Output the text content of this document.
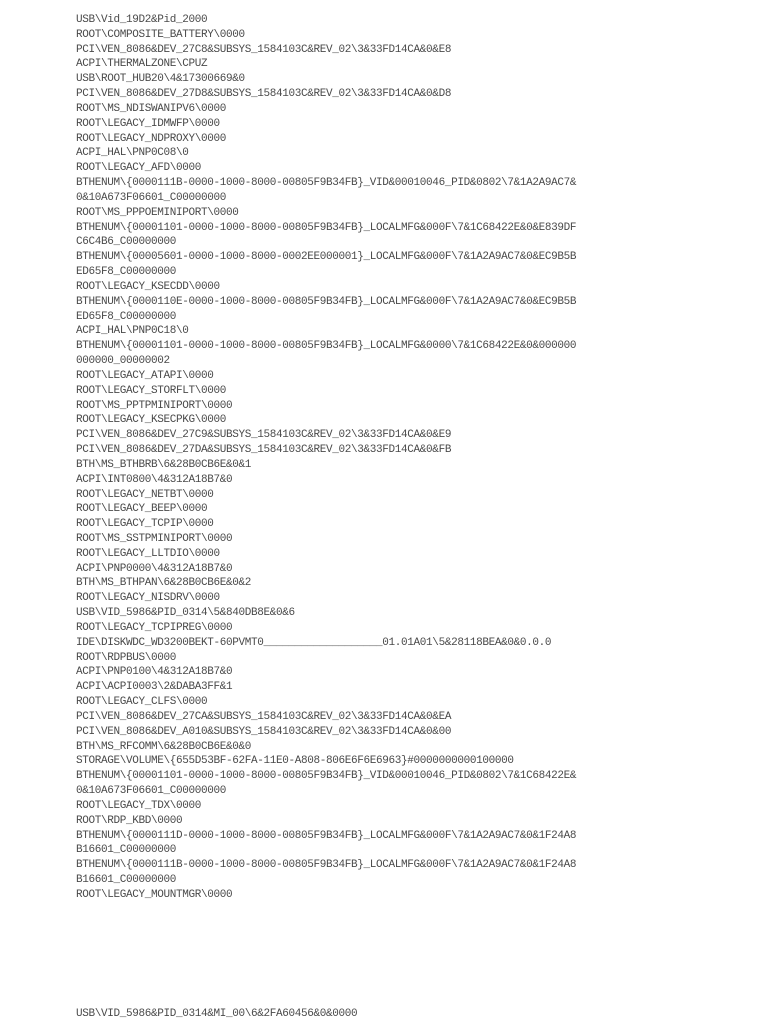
USB\Vid_19D2&Pid_2000
ROOT\COMPOSITE_BATTERY\0000
PCI\VEN_8086&DEV_27C8&SUBSYS_1584103C&REV_02\3&33FD14CA&0&E8
ACPI\THERMALZONE\CPUZ
USB\ROOT_HUB20\4&17300669&0
PCI\VEN_8086&DEV_27D8&SUBSYS_1584103C&REV_02\3&33FD14CA&0&D8
ROOT\MS_NDISWANIPV6\0000
ROOT\LEGACY_IDMWFP\0000
ROOT\LEGACY_NDPROXY\0000
ACPI_HAL\PNP0C08\0
ROOT\LEGACY_AFD\0000
BTHENUM\{0000111B-0000-1000-8000-00805F9B34FB}_VID&00010046_PID&0802\7&1A2A9AC7&
0&10A673F06601_C00000000
ROOT\MS_PPPOEMINIPORT\0000
BTHENUM\{00001101-0000-1000-8000-00805F9B34FB}_LOCALMFG&000F\7&1C68422E&0&E839DF
C6C4B6_C00000000
BTHENUM\{00005601-0000-1000-8000-0002EE000001}_LOCALMFG&000F\7&1A2A9AC7&0&EC9B5B
ED65F8_C00000000
ROOT\LEGACY_KSECDD\0000
BTHENUM\{0000110E-0000-1000-8000-00805F9B34FB}_LOCALMFG&000F\7&1A2A9AC7&0&EC9B5B
ED65F8_C00000000
ACPI_HAL\PNP0C18\0
BTHENUM\{00001101-0000-1000-8000-00805F9B34FB}_LOCALMFG&0000\7&1C68422E&0&000000
000000_00000002
ROOT\LEGACY_ATAPI\0000
ROOT\LEGACY_STORFLT\0000
ROOT\MS_PPTPMINIPORT\0000
ROOT\LEGACY_KSECPKG\0000
PCI\VEN_8086&DEV_27C9&SUBSYS_1584103C&REV_02\3&33FD14CA&0&E9
PCI\VEN_8086&DEV_27DA&SUBSYS_1584103C&REV_02\3&33FD14CA&0&FB
BTH\MS_BTHBRB\6&28B0CB6E&0&1
ACPI\INT0800\4&312A18B7&0
ROOT\LEGACY_NETBT\0000
ROOT\LEGACY_BEEP\0000
ROOT\LEGACY_TCPIP\0000
ROOT\MS_SSTPMINIPORT\0000
ROOT\LEGACY_LLTDIO\0000
ACPI\PNP0000\4&312A18B7&0
BTH\MS_BTHPAN\6&28B0CB6E&0&2
ROOT\LEGACY_NISDRV\0000
USB\VID_5986&PID_0314\5&840DB8E&0&6
ROOT\LEGACY_TCPIPREG\0000
IDE\DISKWDC_WD3200BEKT-60PVMT0___________________01.01A01\5&28118BEA&0&0.0.0
ROOT\RDPBUS\0000
ACPI\PNP0100\4&312A18B7&0
ACPI\ACPI0003\2&DABA3FF&1
ROOT\LEGACY_CLFS\0000
PCI\VEN_8086&DEV_27CA&SUBSYS_1584103C&REV_02\3&33FD14CA&0&EA
PCI\VEN_8086&DEV_A010&SUBSYS_1584103C&REV_02\3&33FD14CA&0&00
BTH\MS_RFCOMM\6&28B0CB6E&0&0
STORAGE\VOLUME\{655D53BF-62FA-11E0-A808-806E6F6E6963}#0000000000100000
BTHENUM\{00001101-0000-1000-8000-00805F9B34FB}_VID&00010046_PID&0802\7&1C68422E&
0&10A673F06601_C00000000
ROOT\LEGACY_TDX\0000
ROOT\RDP_KBD\0000
BTHENUM\{0000111D-0000-1000-8000-00805F9B34FB}_LOCALMFG&000F\7&1A2A9AC7&0&1F24A8
B16601_C00000000
BTHENUM\{0000111B-0000-1000-8000-00805F9B34FB}_LOCALMFG&000F\7&1A2A9AC7&0&1F24A8
B16601_C00000000
ROOT\LEGACY_MOUNTMGR\0000
USB\VID_5986&PID_0314&MI_00\6&2FA60456&0&0000
